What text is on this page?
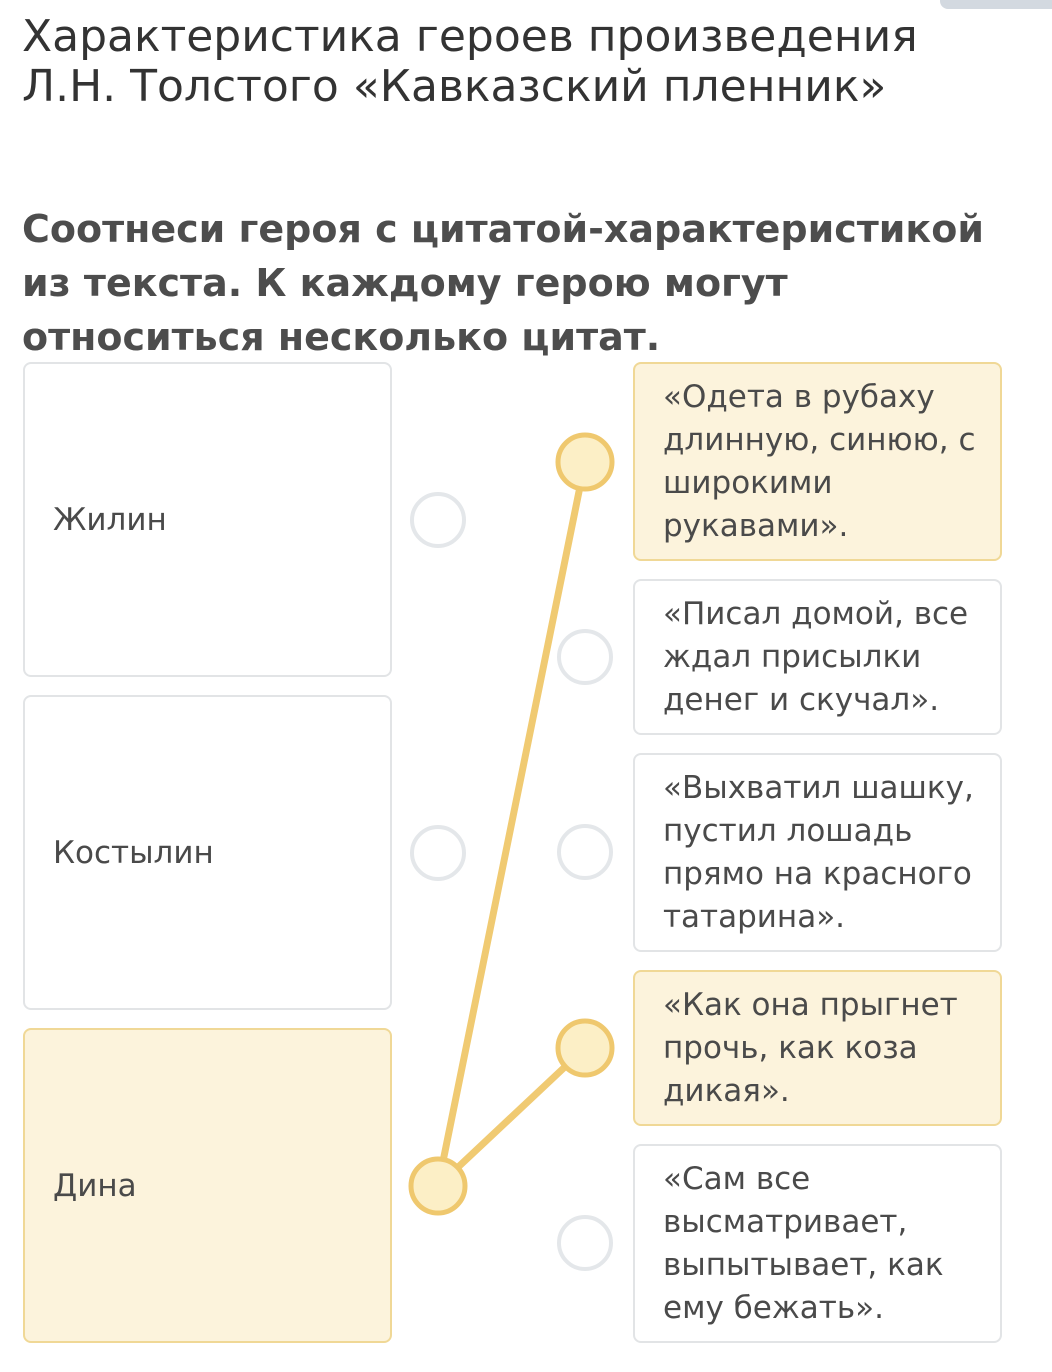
Характеристика героев произведения Л.Н. Толстого «Кавказский пленник»

Соотнеси героя с цитатой-характеристикой из текста. К каждому герою могут относиться несколько цитат.

Жилин
Костылин
Дина
«Одета в рубаху длинную, синюю, с широкими рукавами».
«Писал домой, все ждал присылки денег и скучал».
«Выхватил шашку, пустил лошадь прямо на красного татарина».
«Как она прыгнет прочь, как коза дикая».
«Сам все высматривает, выпытывает, как ему бежать».
